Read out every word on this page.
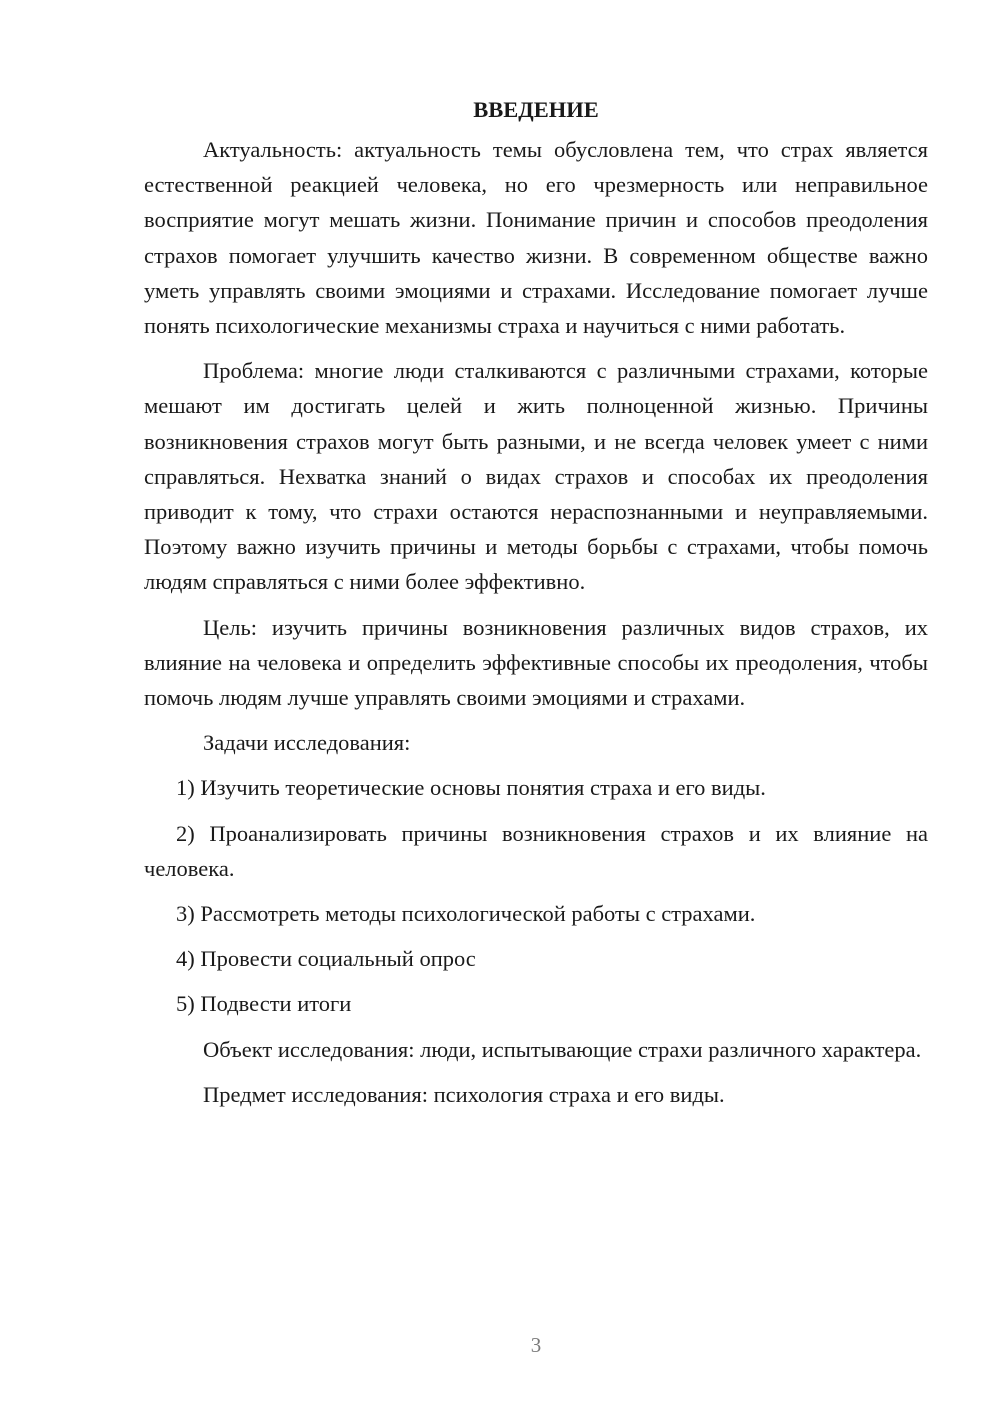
ВВЕДЕНИЕ

Актуальность: актуальность темы обусловлена тем, что страх является естественной реакцией человека, но его чрезмерность или неправильное восприятие могут мешать жизни. Понимание причин и способов преодоления страхов помогает улучшить качество жизни. В современном обществе важно уметь управлять своими эмоциями и страхами. Исследование помогает лучше понять психологические механизмы страха и научиться с ними работать.

Проблема: многие люди сталкиваются с различными страхами, которые мешают им достигать целей и жить полноценной жизнью. Причины возникновения страхов могут быть разными, и не всегда человек умеет с ними справляться. Нехватка знаний о видах страхов и способах их преодоления приводит к тому, что страхи остаются нераспознанными и неуправляемыми. Поэтому важно изучить причины и методы борьбы с страхами, чтобы помочь людям справляться с ними более эффективно.

Цель: изучить причины возникновения различных видов страхов, их влияние на человека и определить эффективные способы их преодоления, чтобы помочь людям лучше управлять своими эмоциями и страхами.

Задачи исследования:

1) Изучить теоретические основы понятия страха и его виды.

2) Проанализировать причины возникновения страхов и их влияние на человека.

3) Рассмотреть методы психологической работы с страхами.

4) Провести социальный опрос

5) Подвести итоги

Объект исследования: люди, испытывающие страхи различного характера.

Предмет исследования: психология страха и его виды.

3
